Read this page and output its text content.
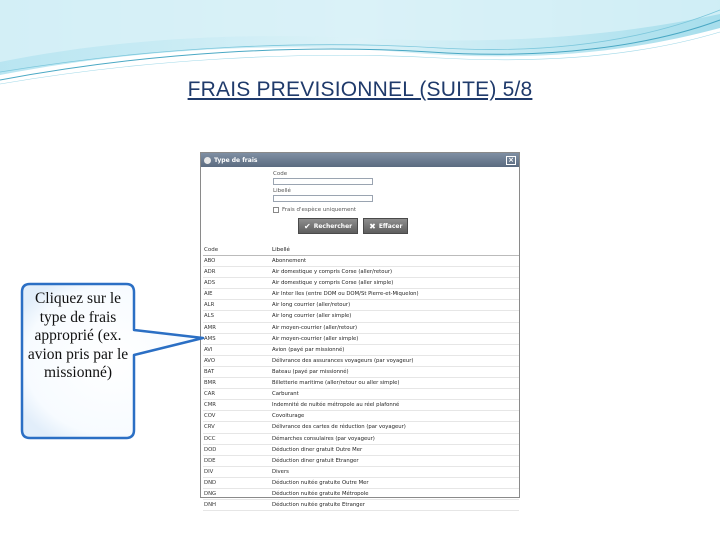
FRAIS PREVISIONNEL (SUITE) 5/8
Type de frais	×
Code
Libellé
Frais d'espèce uniquement
✔ Rechercher ✖ Effacer
Code	Libellé
ABO	Abonnement
ADR	Air domestique y compris Corse (aller/retour)
ADS	Air domestique y compris Corse (aller simple)
AIE	Air Inter Iles (entre DOM ou DOM/St Pierre-et-Miquelon)
ALR	Air long courrier (aller/retour)
ALS	Air long courrier (aller simple)
AMR	Air moyen-courrier (aller/retour)
AMS	Air moyen-courrier (aller simple)
AVI	Avion (payé par missionné)
AVO	Délivrance des assurances voyageurs (par voyageur)
BAT	Bateau (payé par missionné)
BMR	Billetterie maritime (aller/retour ou aller simple)
CAR	Carburant
CMR	Indemnité de nuitée métropole au réel plafonné
COV	Covoiturage
CRV	Délivrance des cartes de réduction (par voyageur)
DCC	Démarches consulaires (par voyageur)
DOD	Déduction diner gratuit Outre Mer
DDE	Déduction diner gratuit Etranger
DIV	Divers
DND	Déduction nuitée gratuite Outre Mer
DNG	Déduction nuitée gratuite Métropole
DNH	Déduction nuitée gratuite Etranger
Cliquez sur le type de frais approprié (ex. avion pris par le missionné)
